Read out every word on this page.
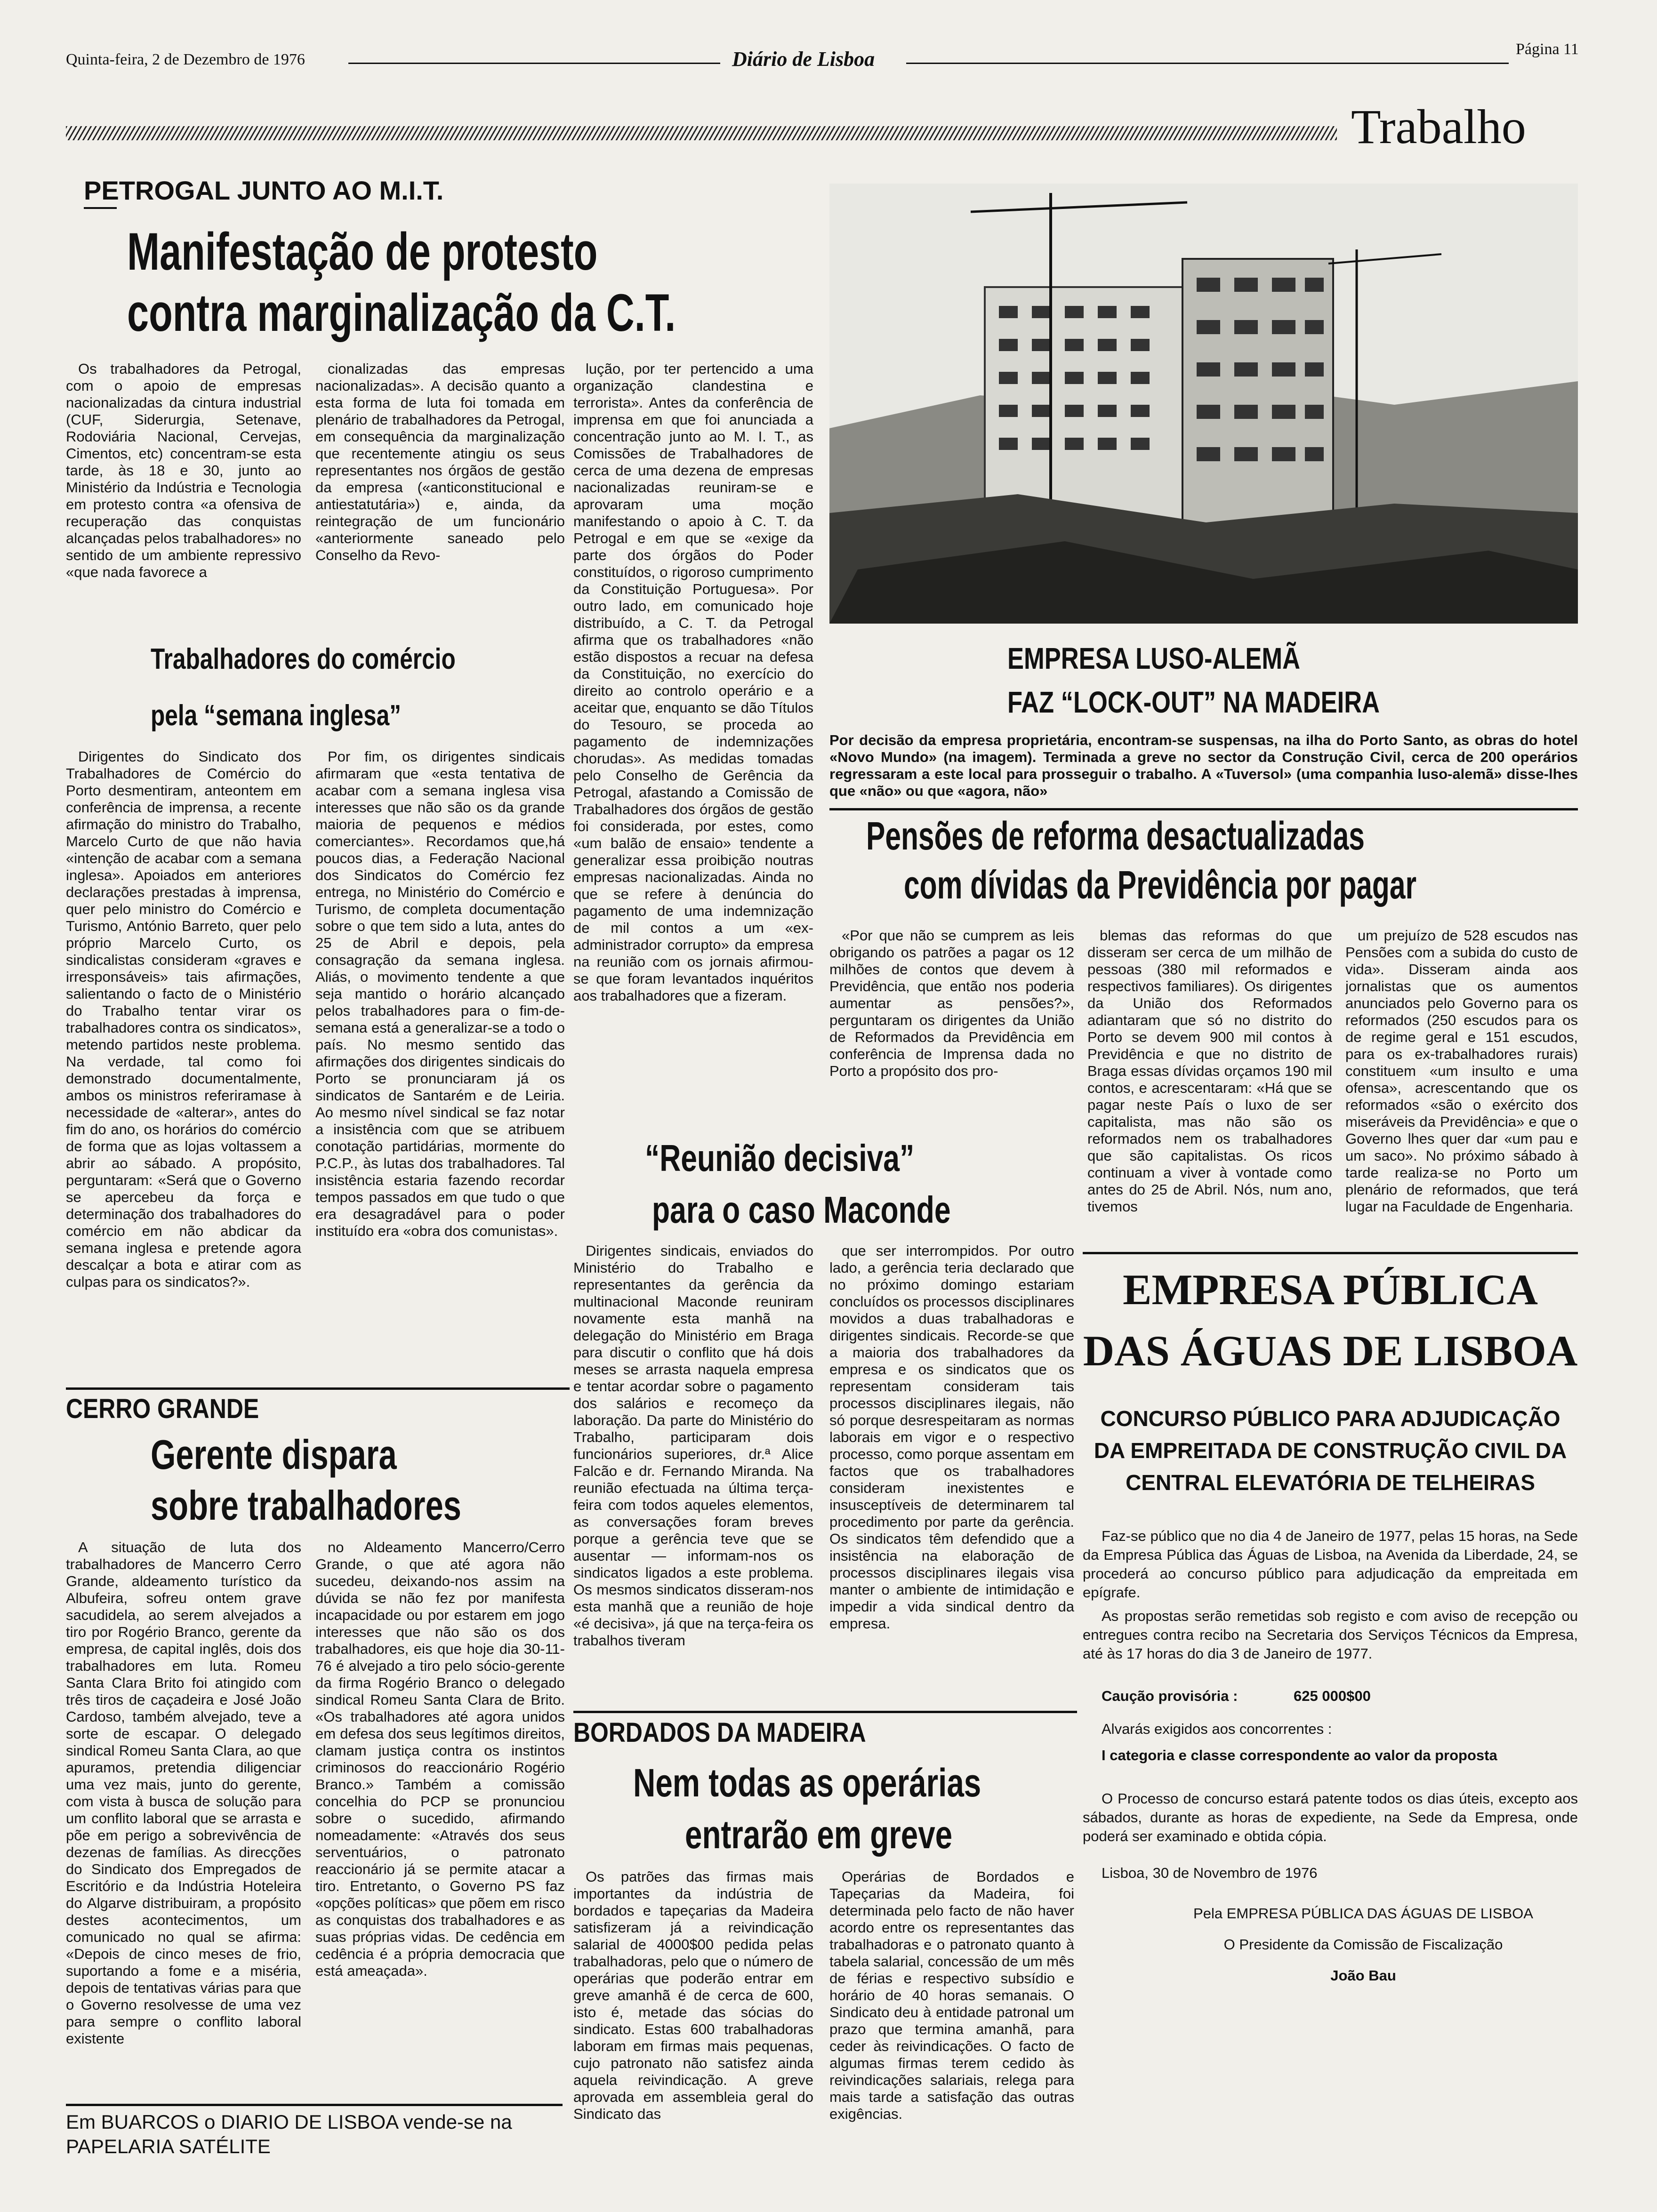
Quinta-feira, 2 de Dezembro de 1976	Diário de Lisboa	Página 11
Trabalho
PETROGAL JUNTO AO M.I.T.
Manifestação de protesto
contra marginalização da C.T.

Os trabalhadores da Petrogal, com o apoio de empresas nacionalizadas da cintura industrial (CUF, Siderurgia, Setenave, Rodoviária Nacional, Cervejas, Cimentos, etc) concentram-se esta tarde, às 18 e 30, junto ao Ministério da Indústria e Tecnologia em protesto contra «a ofensiva de recuperação das conquistas alcançadas pelos trabalhadores» no sentido de um ambiente repressivo «que nada favorece a

cionalizadas das empresas nacionalizadas». A decisão quanto a esta forma de luta foi tomada em plenário de trabalhadores da Petrogal, em consequência da marginalização que recentemente atingiu os seus representantes nos órgãos de gestão da empresa («anticonstitucional e antiestatutária») e, ainda, da reintegração de um funcionário «anteriormente saneado pelo Conselho da Revo-

lução, por ter pertencido a uma organização clandestina e terrorista». Antes da conferência de imprensa em que foi anunciada a concentração junto ao M. I. T., as Comissões de Trabalhadores de cerca de uma dezena de empresas nacionalizadas reuniram-se e aprovaram uma moção manifestando o apoio à C. T. da Petrogal e em que se «exige da parte dos órgãos do Poder constituídos, o rigoroso cumprimento da Constituição Portuguesa». Por outro lado, em comunicado hoje distribuído, a C. T. da Petrogal afirma que os trabalhadores «não estão dispostos a recuar na defesa da Constituição, no exercício do direito ao controlo operário e a aceitar que, enquanto se dão Títulos do Tesouro, se proceda ao pagamento de indemnizações chorudas». As medidas tomadas pelo Conselho de Gerência da Petrogal, afastando a Comissão de Trabalhadores dos órgãos de gestão foi considerada, por estes, como «um balão de ensaio» tendente a generalizar essa proibição noutras empresas nacionalizadas. Ainda no que se refere à denúncia do pagamento de uma indemnização de mil contos a um «ex-administrador corrupto» da empresa na reunião com os jornais afirmou-se que foram levantados inquéritos aos trabalhadores que a fizeram.

EMPRESA LUSO-ALEMÃ
FAZ “LOCK-OUT” NA MADEIRA
Por decisão da empresa proprietária, encontram-se suspensas, na ilha do Porto Santo, as obras do hotel «Novo Mundo» (na imagem). Terminada a greve no sector da Construção Civil, cerca de 200 operários regressaram a este local para prosseguir o trabalho. A «Tuversol» (uma companhia luso-alemã» disse-lhes que «não» ou que «agora, não»
Trabalhadores do comércio
pela “semana inglesa”

Dirigentes do Sindicato dos Trabalhadores de Comércio do Porto desmentiram, anteontem em conferência de imprensa, a recente afirmação do ministro do Trabalho, Marcelo Curto de que não havia «intenção de acabar com a semana inglesa». Apoiados em anteriores declarações prestadas à imprensa, quer pelo ministro do Comércio e Turismo, António Barreto, quer pelo próprio Marcelo Curto, os sindicalistas consideram «graves e irresponsáveis» tais afirmações, salientando o facto de o Ministério do Trabalho tentar virar os trabalhadores contra os sindicatos», metendo partidos neste problema. Na verdade, tal como foi demonstrado documentalmente, ambos os ministros referiramase à necessidade de «alterar», antes do fim do ano, os horários do comércio de forma que as lojas voltassem a abrir ao sábado. A propósito, perguntaram: «Será que o Governo se apercebeu da força e determinação dos trabalhadores do comércio em não abdicar da semana inglesa e pretende agora descalçar a bota e atirar com as culpas para os sindicatos?».

Por fim, os dirigentes sindicais afirmaram que «esta tentativa de acabar com a semana inglesa visa interesses que não são os da grande maioria de pequenos e médios comerciantes». Recordamos que,há poucos dias, a Federação Nacional dos Sindicatos do Comércio fez entrega, no Ministério do Comércio e Turismo, de completa documentação sobre o que tem sido a luta, antes do 25 de Abril e depois, pela consagração da semana inglesa. Aliás, o movimento tendente a que seja mantido o horário alcançado pelos trabalhadores para o fim-de-semana está a generalizar-se a todo o país. No mesmo sentido das afirmações dos dirigentes sindicais do Porto se pronunciaram já os sindicatos de Santarém e de Leiria. Ao mesmo nível sindical se faz notar a insistência com que se atribuem conotação partidárias, mormente do P.C.P., às lutas dos trabalhadores. Tal insistência estaria fazendo recordar tempos passados em que tudo o que era desagradável para o poder instituído era «obra dos comunistas».

Pensões de reforma desactualizadas
com dívidas da Previdência por pagar

«Por que não se cumprem as leis obrigando os patrões a pagar os 12 milhões de contos que devem à Previdência, que então nos poderia aumentar as pensões?», perguntaram os dirigentes da União de Reformados da Previdência em conferência de Imprensa dada no Porto a propósito dos pro-

blemas das reformas do que disseram ser cerca de um milhão de pessoas (380 mil reformados e respectivos familiares). Os dirigentes da União dos Reformados adiantaram que só no distrito do Porto se devem 900 mil contos à Previdência e que no distrito de Braga essas dívidas orçamos 190 mil contos, e acrescentaram: «Há que se pagar neste País o luxo de ser capitalista, mas não são os reformados nem os trabalhadores que são capitalistas. Os ricos continuam a viver à vontade como antes do 25 de Abril. Nós, num ano, tivemos

um prejuízo de 528 escudos nas Pensões com a subida do custo de vida». Disseram ainda aos jornalistas que os aumentos anunciados pelo Governo para os reformados (250 escudos para os de regime geral e 151 escudos, para os ex-trabalhadores rurais) constituem «um insulto e uma ofensa», acrescentando que os reformados «são o exército dos miseráveis da Previdência» e que o Governo lhes quer dar «um pau e um saco». No próximo sábado à tarde realiza-se no Porto um plenário de reformados, que terá lugar na Faculdade de Engenharia.

“Reunião decisiva”
para o caso Maconde

Dirigentes sindicais, enviados do Ministério do Trabalho e representantes da gerência da multinacional Maconde reuniram novamente esta manhã na delegação do Ministério em Braga para discutir o conflito que há dois meses se arrasta naquela empresa e tentar acordar sobre o pagamento dos salários e recomeço da laboração. Da parte do Ministério do Trabalho, participaram dois funcionários superiores, dr.ª Alice Falcão e dr. Fernando Miranda. Na reunião efectuada na última terça-feira com todos aqueles elementos, as conversações foram breves porque a gerência teve que se ausentar — informam-nos os sindicatos ligados a este problema. Os mesmos sindicatos disseram-nos esta manhã que a reunião de hoje «é decisiva», já que na terça-feira os trabalhos tiveram

que ser interrompidos. Por outro lado, a gerência teria declarado que no próximo domingo estariam concluídos os processos disciplinares movidos a duas trabalhadoras e dirigentes sindicais. Recorde-se que a maioria dos trabalhadores da empresa e os sindicatos que os representam consideram tais processos disciplinares ilegais, não só porque desrespeitaram as normas laborais em vigor e o respectivo processo, como porque assentam em factos que os trabalhadores consideram inexistentes e insusceptíveis de determinarem tal procedimento por parte da gerência. Os sindicatos têm defendido que a insistência na elaboração de processos disciplinares ilegais visa manter o ambiente de intimidação e impedir a vida sindical dentro da empresa.

CERRO GRANDE
Gerente dispara
sobre trabalhadores

A situação de luta dos trabalhadores de Mancerro Cerro Grande, aldeamento turístico da Albufeira, sofreu ontem grave sacudidela, ao serem alvejados a tiro por Rogério Branco, gerente da empresa, de capital inglês, dois dos trabalhadores em luta. Romeu Santa Clara Brito foi atingido com três tiros de caçadeira e José João Cardoso, também alvejado, teve a sorte de escapar. O delegado sindical Romeu Santa Clara, ao que apuramos, pretendia diligenciar uma vez mais, junto do gerente, com vista à busca de solução para um conflito laboral que se arrasta e põe em perigo a sobrevivência de dezenas de famílias. As direcções do Sindicato dos Empregados de Escritório e da Indústria Hoteleira do Algarve distribuiram, a propósito destes acontecimentos, um comunicado no qual se afirma: «Depois de cinco meses de frio, suportando a fome e a miséria, depois de tentativas várias para que o Governo resolvesse de uma vez para sempre o conflito laboral existente

no Aldeamento Mancerro/Cerro Grande, o que até agora não sucedeu, deixando-nos assim na dúvida se não fez por manifesta incapacidade ou por estarem em jogo interesses que não são os dos trabalhadores, eis que hoje dia 30-11-76 é alvejado a tiro pelo sócio-gerente da firma Rogério Branco o delegado sindical Romeu Santa Clara de Brito. «Os trabalhadores até agora unidos em defesa dos seus legítimos direitos, clamam justiça contra os instintos criminosos do reaccionário Rogério Branco.» Também a comissão concelhia do PCP se pronunciou sobre o sucedido, afirmando nomeadamente: «Através dos seus serventuários, o patronato reaccionário já se permite atacar a tiro. Entretanto, o Governo PS faz «opções políticas» que põem em risco as conquistas dos trabalhadores e as suas próprias vidas. De cedência em cedência é a própria democracia que está ameaçada».

BORDADOS DA MADEIRA
Nem todas as operárias
entrarão em greve

Os patrões das firmas mais importantes da indústria de bordados e tapeçarias da Madeira satisfizeram já a reivindicação salarial de 4000$00 pedida pelas trabalhadoras, pelo que o número de operárias que poderão entrar em greve amanhã é de cerca de 600, isto é, metade das sócias do sindicato. Estas 600 trabalhadoras laboram em firmas mais pequenas, cujo patronato não satisfez ainda aquela reivindicação. A greve aprovada em assembleia geral do Sindicato das

Operárias de Bordados e Tapeçarias da Madeira, foi determinada pelo facto de não haver acordo entre os representantes das trabalhadoras e o patronato quanto à tabela salarial, concessão de um mês de férias e respectivo subsídio e horário de 40 horas semanais. O Sindicato deu à entidade patronal um prazo que termina amanhã, para ceder às reivindicações. O facto de algumas firmas terem cedido às reivindicações salariais, relega para mais tarde a satisfação das outras exigências.

Em BUARCOS o DIARIO DE LISBOA vende-se na PAPELARIA SATÉLITE
EMPRESA PÚBLICA
DAS ÁGUAS DE LISBOA
CONCURSO PÚBLICO PARA ADJUDICAÇÃO DA EMPREITADA DE CONSTRUÇÃO CIVIL DA CENTRAL ELEVATÓRIA DE TELHEIRAS

Faz-se público que no dia 4 de Janeiro de 1977, pelas 15 horas, na Sede da Empresa Pública das Águas de Lisboa, na Avenida da Liberdade, 24, se procederá ao concurso público para adjudicação da empreitada em epígrafe.

As propostas serão remetidas sob registo e com aviso de recepção ou entregues contra recibo na Secretaria dos Serviços Técnicos da Empresa, até às 17 horas do dia 3 de Janeiro de 1977.

Caução provisória :	625 000$00
Alvarás exigidos aos concorrentes :
I categoria e classe correspondente ao valor da proposta

O Processo de concurso estará patente todos os dias úteis, excepto aos sábados, durante as horas de expediente, na Sede da Empresa, onde poderá ser examinado e obtida cópia.

Lisboa, 30 de Novembro de 1976
Pela EMPRESA PÚBLICA DAS ÁGUAS DE LISBOA
O Presidente da Comissão de Fiscalização
João Bau
